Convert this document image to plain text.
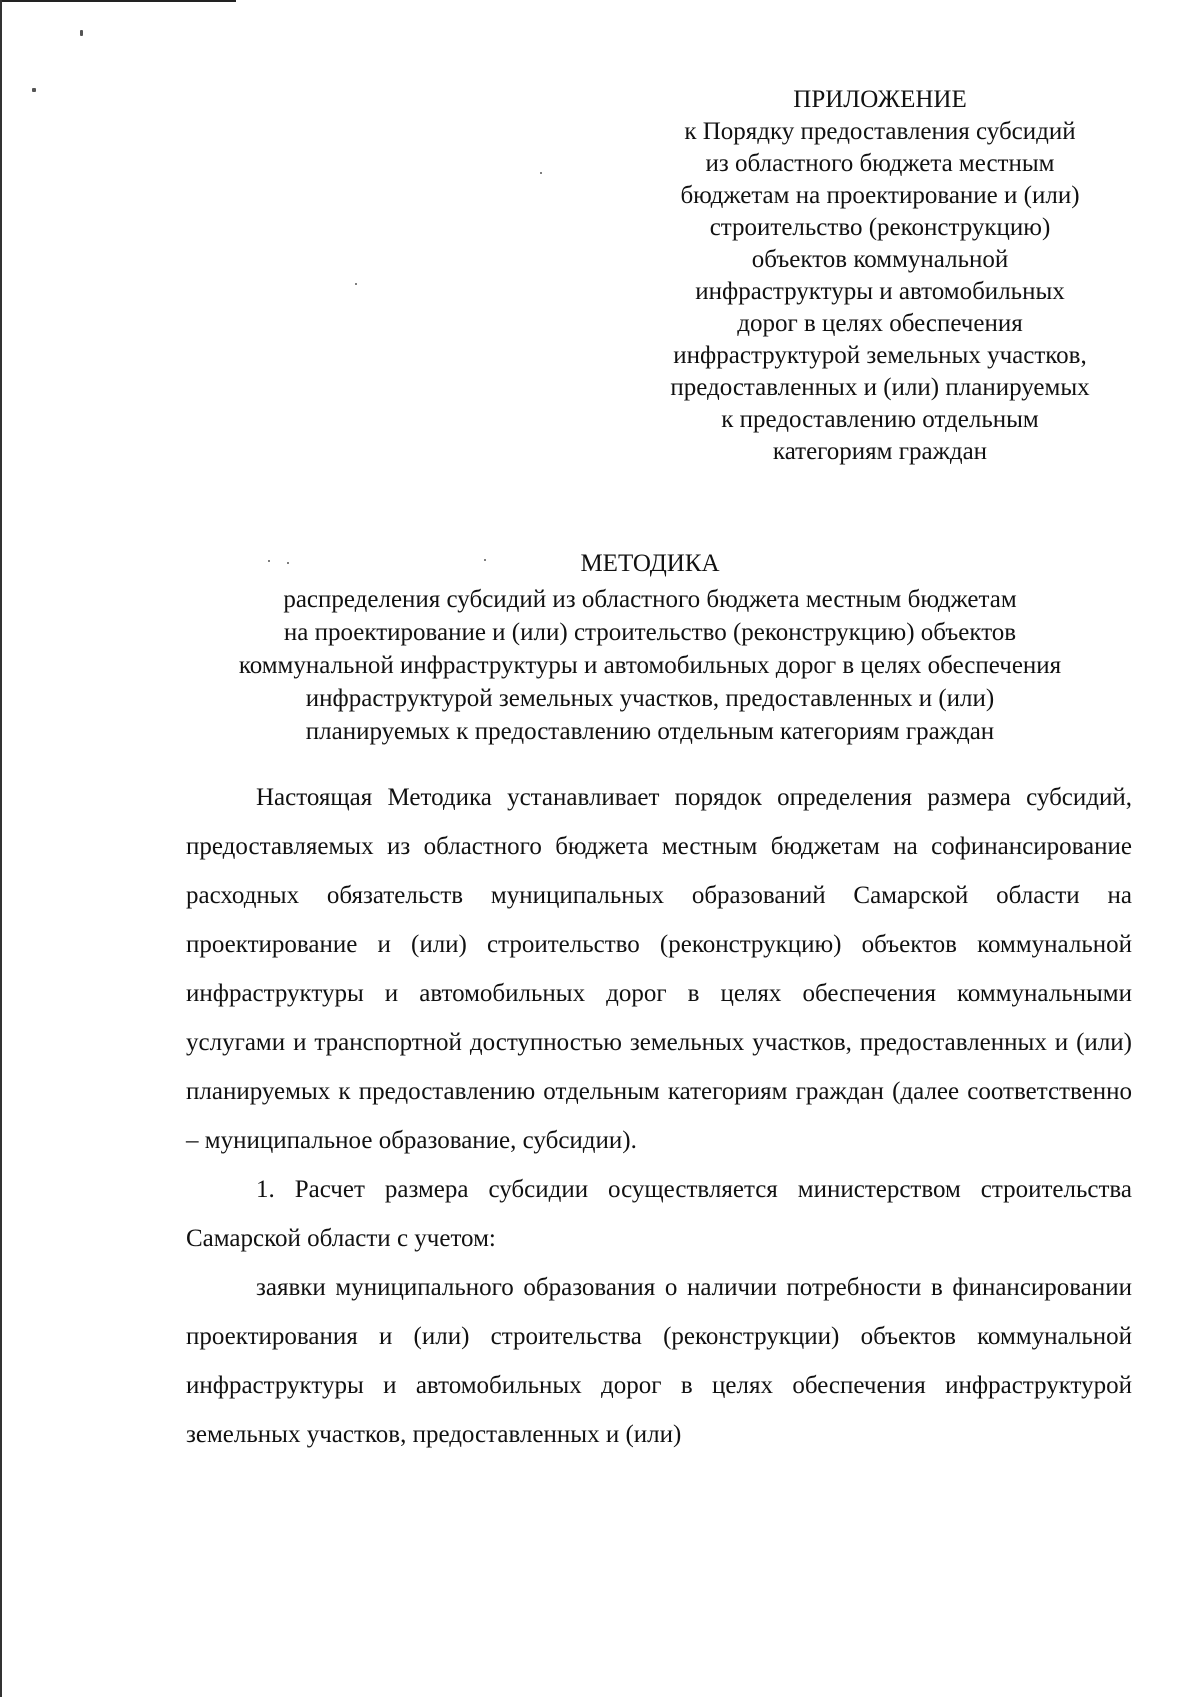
ПРИЛОЖЕНИЕ
к Порядку предоставления субсидий
из областного бюджета местным
бюджетам на проектирование и (или)
строительство (реконструкцию)
объектов коммунальной
инфраструктуры и автомобильных
дорог в целях обеспечения
инфраструктурой земельных участков,
предоставленных и (или) планируемых
к предоставлению отдельным
категориям граждан
МЕТОДИКА
распределения субсидий из областного бюджета местным бюджетам
на проектирование и (или) строительство (реконструкцию) объектов
коммунальной инфраструктуры и автомобильных дорог в целях обеспечения
инфраструктурой земельных участков, предоставленных и (или)
планируемых к предоставлению отдельным категориям граждан

Настоящая Методика устанавливает порядок определения размера субсидий, предоставляемых из областного бюджета местным бюджетам на софинансирование расходных обязательств муниципальных образований Самарской области на проектирование и (или) строительство (реконструкцию) объектов коммунальной инфраструктуры и автомобильных дорог в целях обеспечения коммунальными услугами и транспортной доступностью земельных участков, предоставленных и (или) планируемых к предоставлению отдельным категориям граждан (далее соответственно – муниципальное образование, субсидии).

1. Расчет размера субсидии осуществляется министерством строительства Самарской области с учетом:

заявки муниципального образования о наличии потребности в финансировании проектирования и (или) строительства (реконструкции) объектов коммунальной инфраструктуры и автомобильных дорог в целях обеспечения инфраструктурой земельных участков, предоставленных и (или)
